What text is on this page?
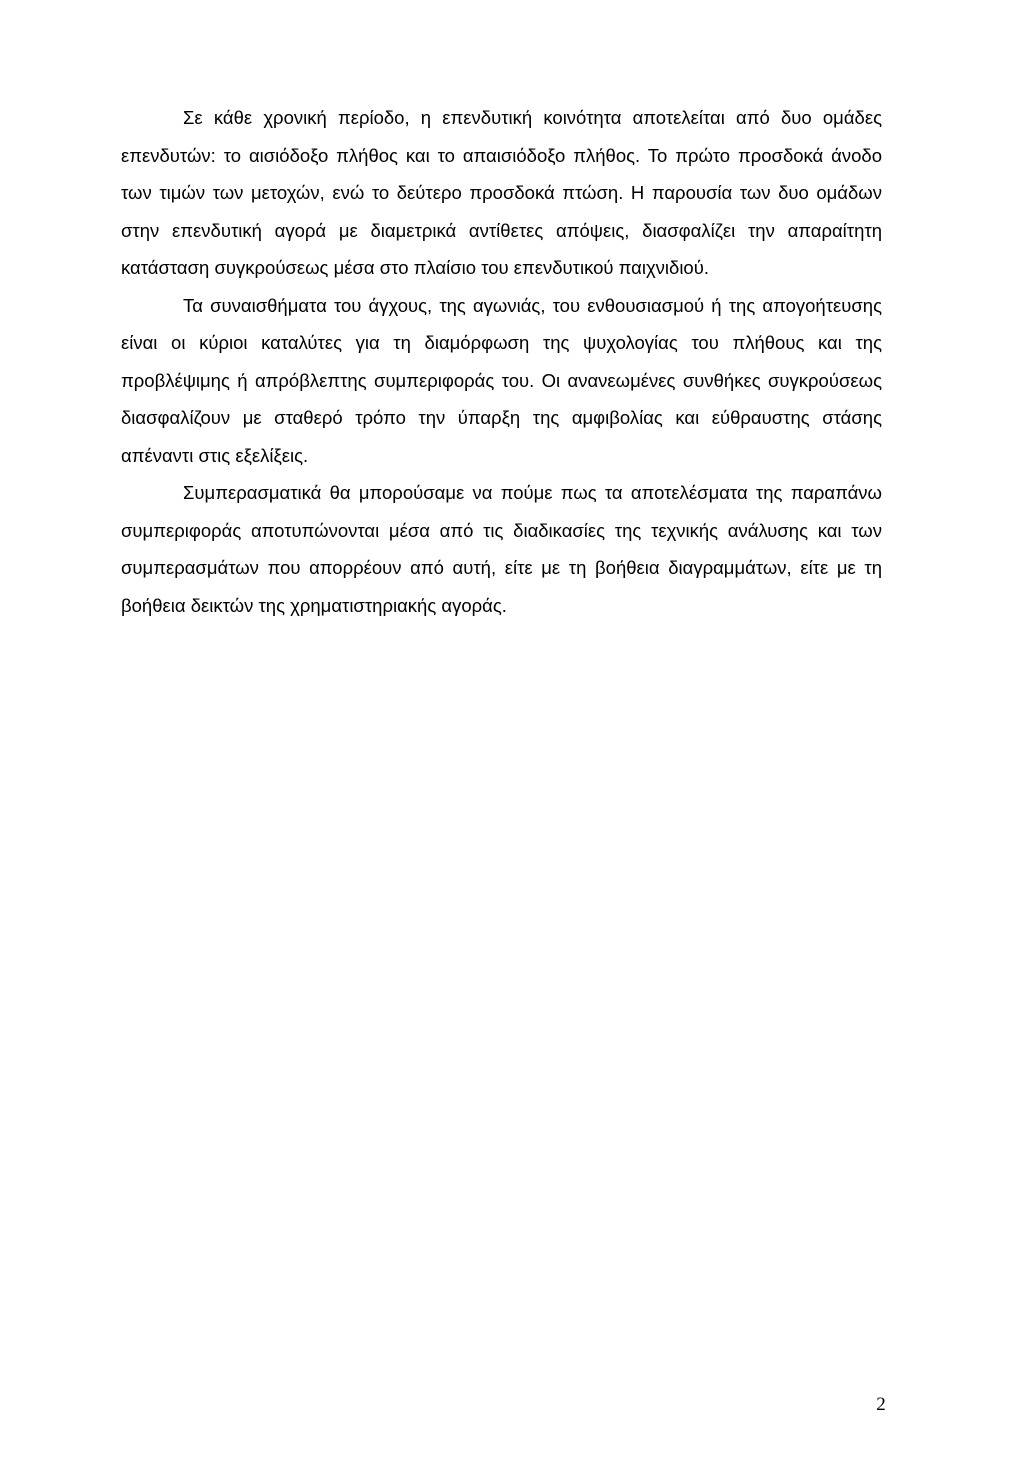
Σε κάθε χρονική περίοδο, η επενδυτική κοινότητα αποτελείται από δυο ομάδες επενδυτών: το αισιόδοξο πλήθος και το απαισιόδοξο πλήθος. Το πρώτο προσδοκά άνοδο των τιμών των μετοχών, ενώ το δεύτερο προσδοκά πτώση. Η παρουσία των δυο ομάδων στην επενδυτική αγορά με διαμετρικά αντίθετες απόψεις, διασφαλίζει την απαραίτητη κατάσταση συγκρούσεως μέσα στο πλαίσιο του επενδυτικού παιχνιδιού.

Τα συναισθήματα του άγχους, της αγωνιάς, του ενθουσιασμού ή της απογοήτευσης είναι οι κύριοι καταλύτες για τη διαμόρφωση της ψυχολογίας του πλήθους και της προβλέψιμης ή απρόβλεπτης συμπεριφοράς του. Οι ανανεωμένες συνθήκες συγκρούσεως διασφαλίζουν με σταθερό τρόπο την ύπαρξη της αμφιβολίας και εύθραυστης στάσης απέναντι στις εξελίξεις.

Συμπερασματικά θα μπορούσαμε να πούμε πως τα αποτελέσματα της παραπάνω συμπεριφοράς αποτυπώνονται μέσα από τις διαδικασίες της τεχνικής ανάλυσης και των συμπερασμάτων που απορρέουν από αυτή, είτε με τη βοήθεια διαγραμμάτων, είτε με τη βοήθεια δεικτών της χρηματιστηριακής αγοράς.

2
